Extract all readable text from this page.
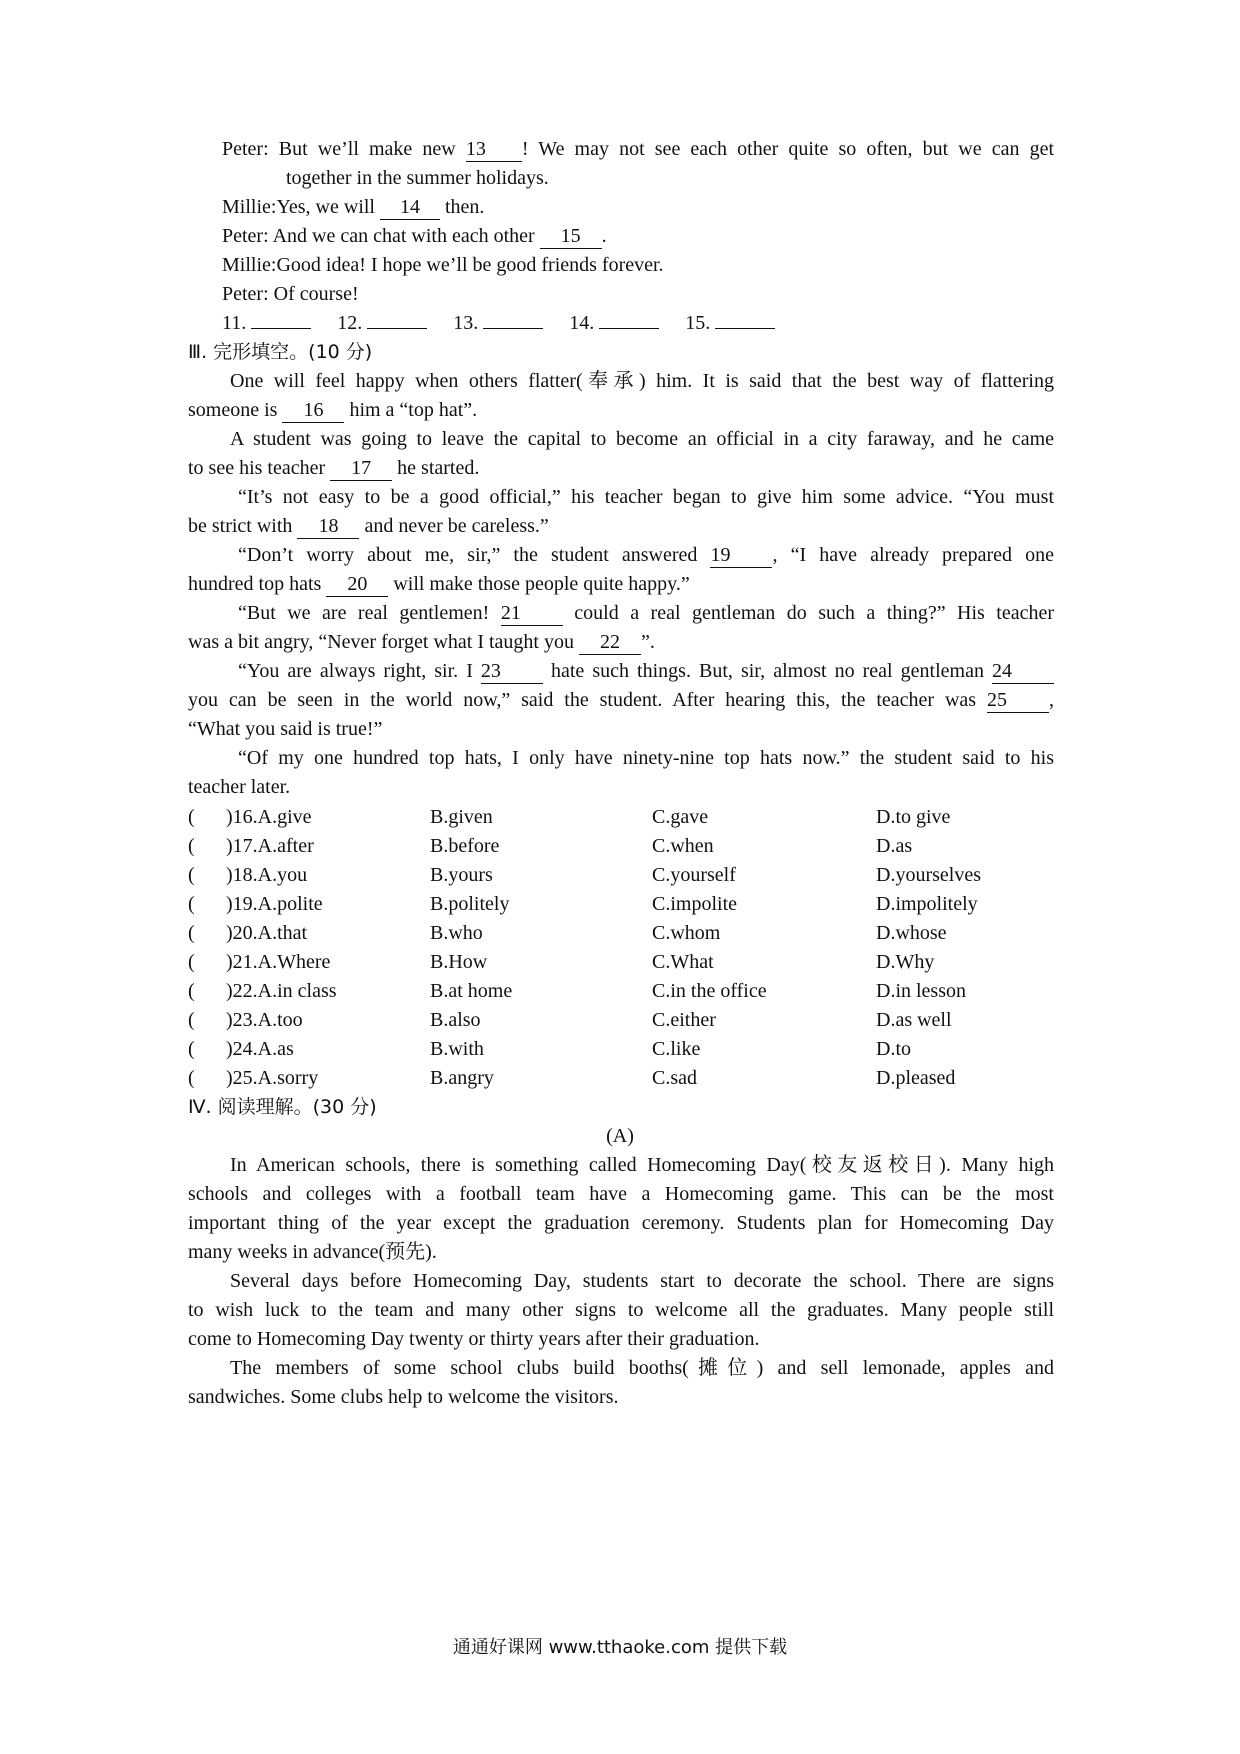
Peter: But we’ll make new 13 ! We may not see each other quite so often, but we can get
together in the summer holidays.
Millie:Yes, we will 14 then.
Peter: And we can chat with each other 15 .
Millie:Good idea! I hope we’ll be good friends forever.
Peter: Of course!
11.	12.	13.	14.	15.
Ⅲ. 完形填空。(10 分)
One will feel happy when others flatter(奉承) him. It is said that the best way of flattering
someone is 16 him a “top hat”.
A student was going to leave the capital to become an official in a city faraway, and he came
to see his teacher 17 he started.
“It’s not easy to be a good official,” his teacher began to give him some advice. “You must
be strict with 18 and never be careless.”
“Don’t worry about me, sir,” the student answered 19 , “I have already prepared one
hundred top hats 20 will make those people quite happy.”
“But we are real gentlemen! 21	could a real gentleman do such a thing?” His teacher
was a bit angry, “Never forget what I taught you 22 ”.
“You are always right, sir. I 23	hate such things. But, sir, almost no real gentleman 24
you can be seen in the world now,” said the student. After hearing this, the teacher was 25 ,
“What you said is true!”
“Of my one hundred top hats, I only have ninety-nine top hats now.” the student said to his
teacher later.
( )16.A.give	B.given	C.gave	D.to give
( )17.A.after	B.before	C.when	D.as
( )18.A.you	B.yours	C.yourself	D.yourselves
( )19.A.polite	B.politely	C.impolite	D.impolitely
( )20.A.that	B.who	C.whom	D.whose
( )21.A.Where	B.How	C.What	D.Why
( )22.A.in class	B.at home	C.in the office	D.in lesson
( )23.A.too	B.also	C.either	D.as well
( )24.A.as	B.with	C.like	D.to
( )25.A.sorry	B.angry	C.sad	D.pleased
Ⅳ. 阅读理解。(30 分)
(A)
In American schools, there is something called Homecoming Day(校友返校日). Many high
schools and colleges with a football team have a Homecoming game. This can be the most
important thing of the year except the graduation ceremony. Students plan for Homecoming Day
many weeks in advance(预先).
Several days before Homecoming Day, students start to decorate the school. There are signs
to wish luck to the team and many other signs to welcome all the graduates. Many people still
come to Homecoming Day twenty or thirty years after their graduation.
The members of some school clubs build booths(摊位) and sell lemonade, apples and
sandwiches. Some clubs help to welcome the visitors.
通通好课网 www.tthaoke.com 提供下载
